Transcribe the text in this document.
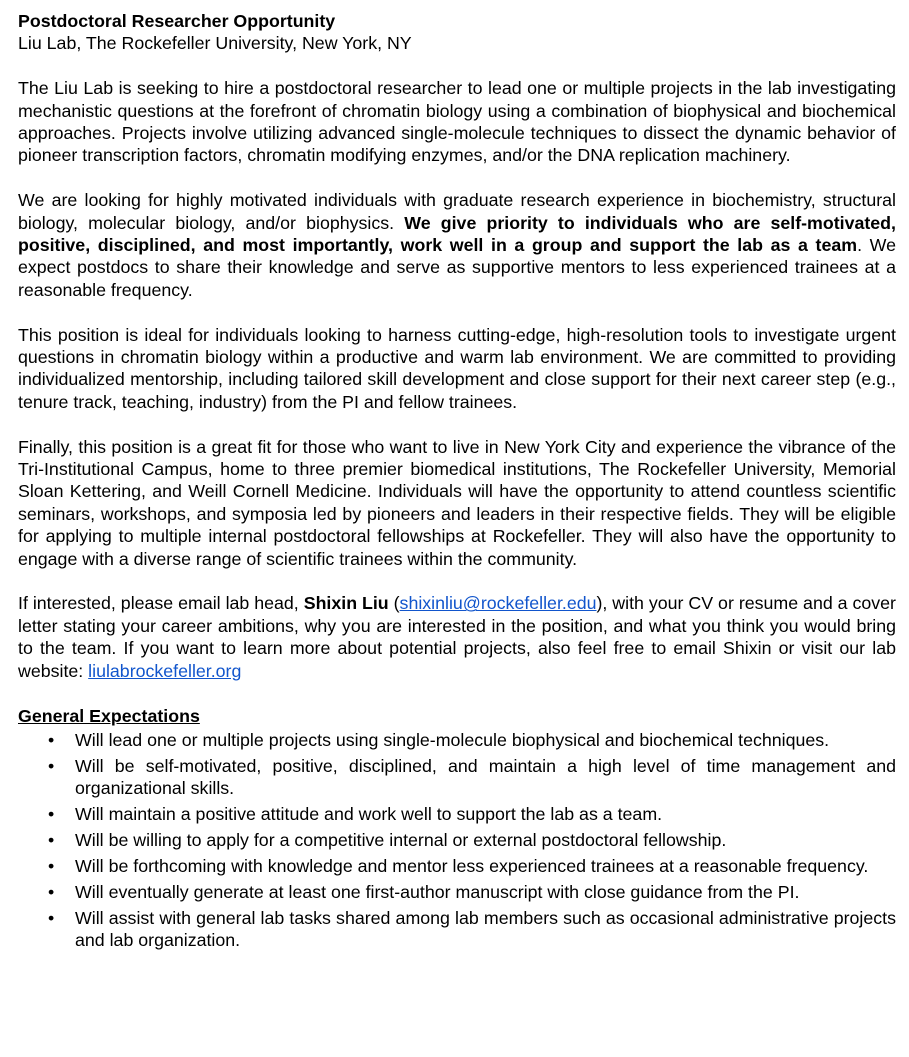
Postdoctoral Researcher Opportunity

Liu Lab, The Rockefeller University, New York, NY

The Liu Lab is seeking to hire a postdoctoral researcher to lead one or multiple projects in the lab investigating mechanistic questions at the forefront of chromatin biology using a combination of biophysical and biochemical approaches. Projects involve utilizing advanced single-molecule techniques to dissect the dynamic behavior of pioneer transcription factors, chromatin modifying enzymes, and/or the DNA replication machinery.

We are looking for highly motivated individuals with graduate research experience in biochemistry, structural biology, molecular biology, and/or biophysics. We give priority to individuals who are self-motivated, positive, disciplined, and most importantly, work well in a group and support the lab as a team. We expect postdocs to share their knowledge and serve as supportive mentors to less experienced trainees at a reasonable frequency.

This position is ideal for individuals looking to harness cutting-edge, high-resolution tools to investigate urgent questions in chromatin biology within a productive and warm lab environment. We are committed to providing individualized mentorship, including tailored skill development and close support for their next career step (e.g., tenure track, teaching, industry) from the PI and fellow trainees.

Finally, this position is a great fit for those who want to live in New York City and experience the vibrance of the Tri-Institutional Campus, home to three premier biomedical institutions, The Rockefeller University, Memorial Sloan Kettering, and Weill Cornell Medicine. Individuals will have the opportunity to attend countless scientific seminars, workshops, and symposia led by pioneers and leaders in their respective fields. They will be eligible for applying to multiple internal postdoctoral fellowships at Rockefeller. They will also have the opportunity to engage with a diverse range of scientific trainees within the community.

If interested, please email lab head, Shixin Liu (shixinliu@rockefeller.edu), with your CV or resume and a cover letter stating your career ambitions, why you are interested in the position, and what you think you would bring to the team. If you want to learn more about potential projects, also feel free to email Shixin or visit our lab website: liulabrockefeller.org

General Expectations

• Will lead one or multiple projects using single-molecule biophysical and biochemical techniques.
• Will be self-motivated, positive, disciplined, and maintain a high level of time management and organizational skills.
• Will maintain a positive attitude and work well to support the lab as a team.
• Will be willing to apply for a competitive internal or external postdoctoral fellowship.
• Will be forthcoming with knowledge and mentor less experienced trainees at a reasonable frequency.
• Will eventually generate at least one first-author manuscript with close guidance from the PI.
• Will assist with general lab tasks shared among lab members such as occasional administrative projects and lab organization.
